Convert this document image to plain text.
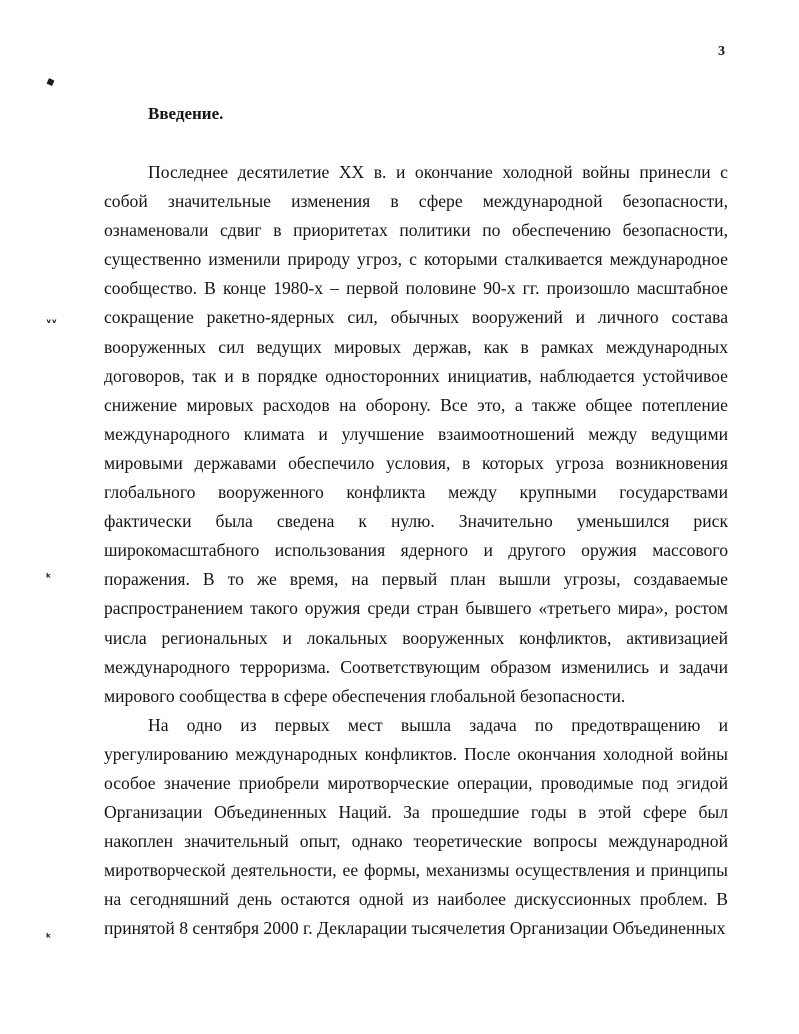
3
◆
ᵥᵥ
ᵏ
ᵏ
Введение.

Последнее десятилетие XX в. и окончание холодной войны принесли с собой значительные изменения в сфере международной безопасности, ознаменовали сдвиг в приоритетах политики по обеспечению безопасности, существенно изменили природу угроз, с которыми сталкивается международное сообщество. В конце 1980-х – первой половине 90-х гг. произошло масштабное сокращение ракетно-ядерных сил, обычных вооружений и личного состава вооруженных сил ведущих мировых держав, как в рамках международных договоров, так и в порядке односторонних инициатив, наблюдается устойчивое снижение мировых расходов на оборону. Все это, а также общее потепление международного климата и улучшение взаимоотношений между ведущими мировыми державами обеспечило условия, в которых угроза возникновения глобального вооруженного конфликта между крупными государствами фактически была сведена к нулю. Значительно уменьшился риск широкомасштабного использования ядерного и другого оружия массового поражения. В то же время, на первый план вышли угрозы, создаваемые распространением такого оружия среди стран бывшего «третьего мира», ростом числа региональных и локальных вооруженных конфликтов, активизацией международного терроризма. Соответствующим образом изменились и задачи мирового сообщества в сфере обеспечения глобальной безопасности.

На одно из первых мест вышла задача по предотвращению и урегулированию международных конфликтов. После окончания холодной войны особое значение приобрели миротворческие операции, проводимые под эгидой Организации Объединенных Наций. За прошедшие годы в этой сфере был накоплен значительный опыт, однако теоретические вопросы международной миротворческой деятельности, ее формы, механизмы осуществления и принципы на сегодняшний день остаются одной из наиболее дискуссионных проблем. В принятой 8 сентября 2000 г. Декларации тысячелетия Организации Объединенных
